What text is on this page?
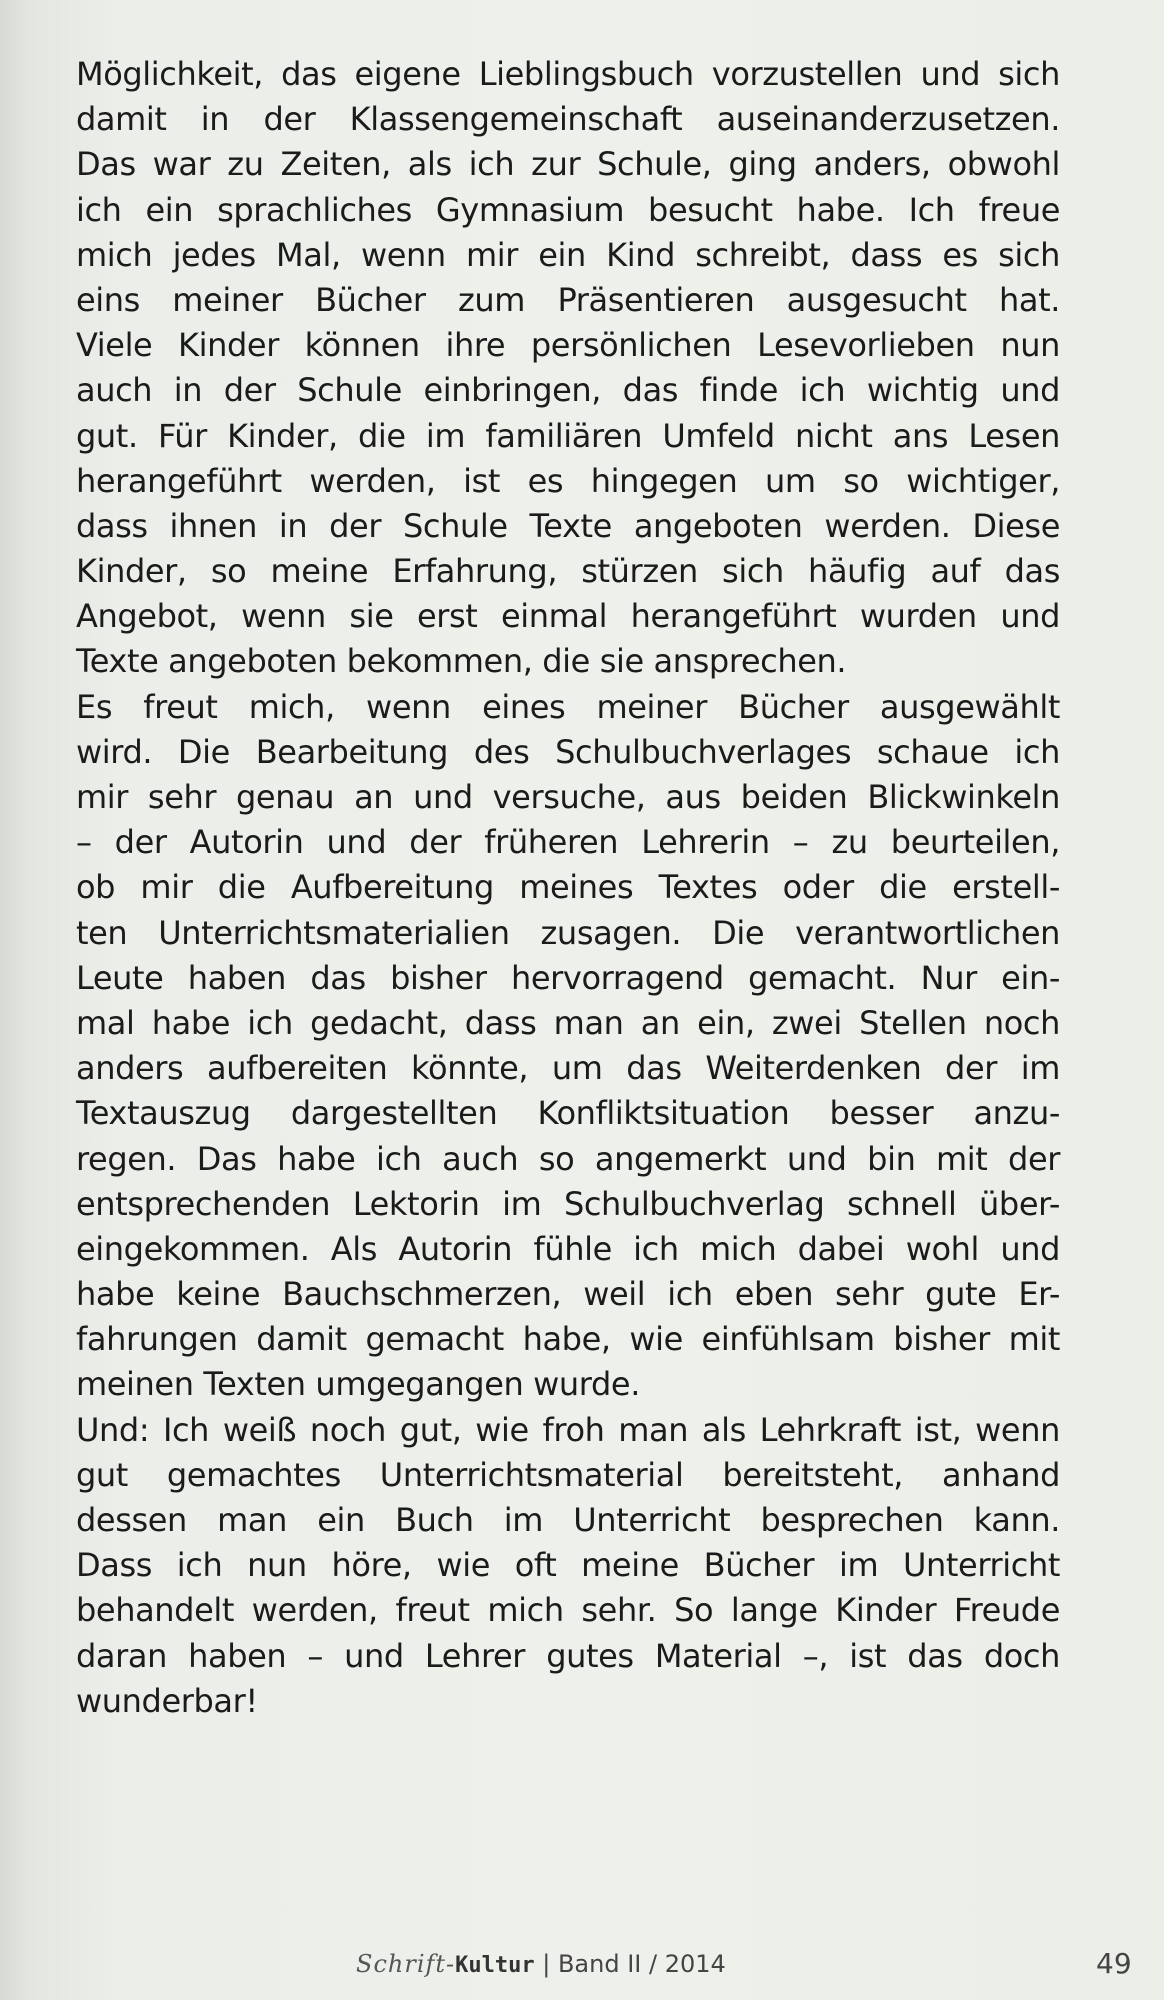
Möglichkeit, das eigene Lieblingsbuch vorzustellen und sich
damit in der Klassengemeinschaft auseinanderzusetzen.
Das war zu Zeiten, als ich zur Schule, ging anders, obwohl
ich ein sprachliches Gymnasium besucht habe. Ich freue
mich jedes Mal, wenn mir ein Kind schreibt, dass es sich
eins meiner Bücher zum Präsentieren ausgesucht hat.
Viele Kinder können ihre persönlichen Lesevorlieben nun
auch in der Schule einbringen, das finde ich wichtig und
gut. Für Kinder, die im familiären Umfeld nicht ans Lesen
herangeführt werden, ist es hingegen um so wichtiger,
dass ihnen in der Schule Texte angeboten werden. Diese
Kinder, so meine Erfahrung, stürzen sich häufig auf das
Angebot, wenn sie erst einmal herangeführt wurden und
Texte angeboten bekommen, die sie ansprechen.
Es freut mich, wenn eines meiner Bücher ausgewählt
wird. Die Bearbeitung des Schulbuchverlages schaue ich
mir sehr genau an und versuche, aus beiden Blickwinkeln
– der Autorin und der früheren Lehrerin – zu beurteilen,
ob mir die Aufbereitung meines Textes oder die erstell-
ten Unterrichtsmaterialien zusagen. Die verantwortlichen
Leute haben das bisher hervorragend gemacht. Nur ein-
mal habe ich gedacht, dass man an ein, zwei Stellen noch
anders aufbereiten könnte, um das Weiterdenken der im
Textauszug dargestellten Konfliktsituation besser anzu-
regen. Das habe ich auch so angemerkt und bin mit der
entsprechenden Lektorin im Schulbuchverlag schnell über-
eingekommen. Als Autorin fühle ich mich dabei wohl und
habe keine Bauchschmerzen, weil ich eben sehr gute Er-
fahrungen damit gemacht habe, wie einfühlsam bisher mit
meinen Texten umgegangen wurde.
Und: Ich weiß noch gut, wie froh man als Lehrkraft ist, wenn
gut gemachtes Unterrichtsmaterial bereitsteht, anhand
dessen man ein Buch im Unterricht besprechen kann.
Dass ich nun höre, wie oft meine Bücher im Unterricht
behandelt werden, freut mich sehr. So lange Kinder Freude
daran haben – und Lehrer gutes Material –, ist das doch
wunderbar!
Schrift-Kultur | Band II / 2014	49
